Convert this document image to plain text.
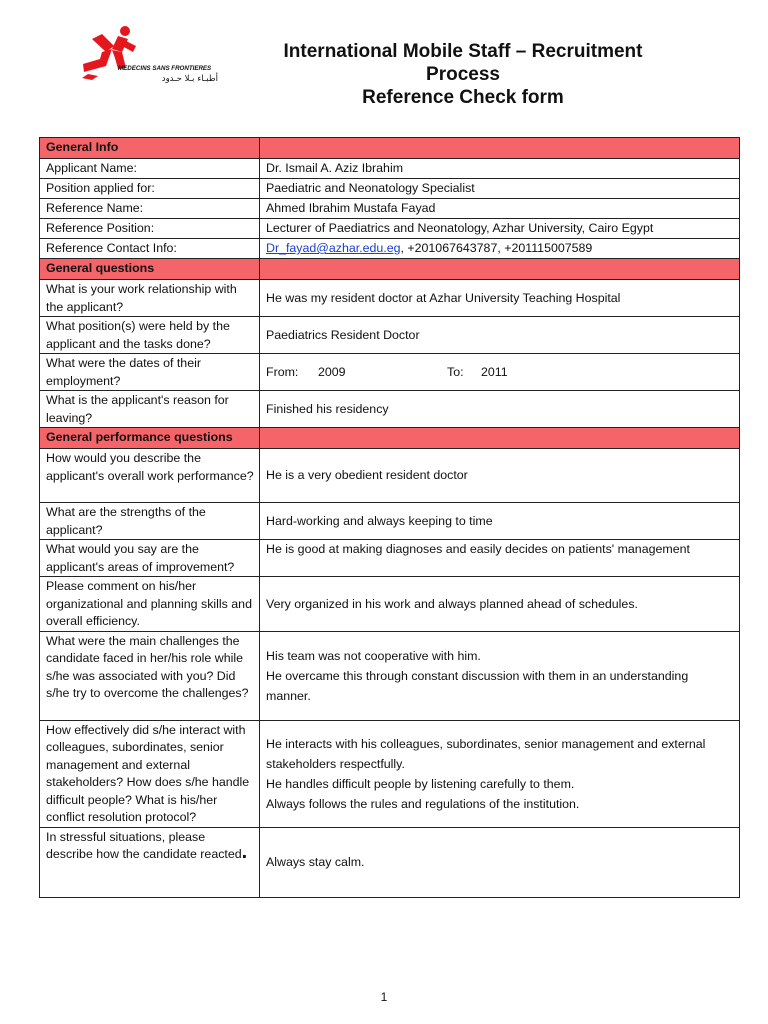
MEDECINS SANS FRONTIERES
أطبـاء بـلا حـدود
International Mobile Staff – Recruitment
Process
Reference Check form
General Info	
Applicant Name:	Dr. Ismail A. Aziz Ibrahim
Position applied for:	Paediatric and Neonatology Specialist
Reference Name:	Ahmed Ibrahim Mustafa Fayad
Reference Position:	Lecturer of Paediatrics and Neonatology, Azhar University, Cairo Egypt
Reference Contact Info:	Dr_fayad@azhar.edu.eg, +201067643787, +201115007589
General questions	
What is your work relationship with the applicant?	He was my resident doctor at Azhar University Teaching Hospital
What position(s) were held by the applicant and the tasks done?	Paediatrics Resident Doctor
What were the dates of their employment?	From: 2009 To: 2011

What is the applicant's reason for leaving?	Finished his residency
General performance questions	
How would you describe the applicant's overall work performance?	He is a very obedient resident doctor
What are the strengths of the applicant?	Hard-working and always keeping to time
What would you say are the applicant's areas of improvement?	He is good at making diagnoses and easily decides on patients' management
Please comment on his/her organizational and planning skills and overall efficiency.	Very organized in his work and always planned ahead of schedules.
What were the main challenges the candidate faced in her/his role while s/he was associated with you? Did s/he try to overcome the challenges?	His team was not cooperative with him.
He overcame this through constant discussion with them in an understanding manner.

How effectively did s/he interact with colleagues, subordinates, senior management and external stakeholders? How does s/he handle difficult people? What is his/her conflict resolution protocol?	He interacts with his colleagues, subordinates, senior management and external stakeholders respectfully.
He handles difficult people by listening carefully to them.
Always follows the rules and regulations of the institution.

In stressful situations, please describe how the candidate reacted.	Always stay calm.
1
